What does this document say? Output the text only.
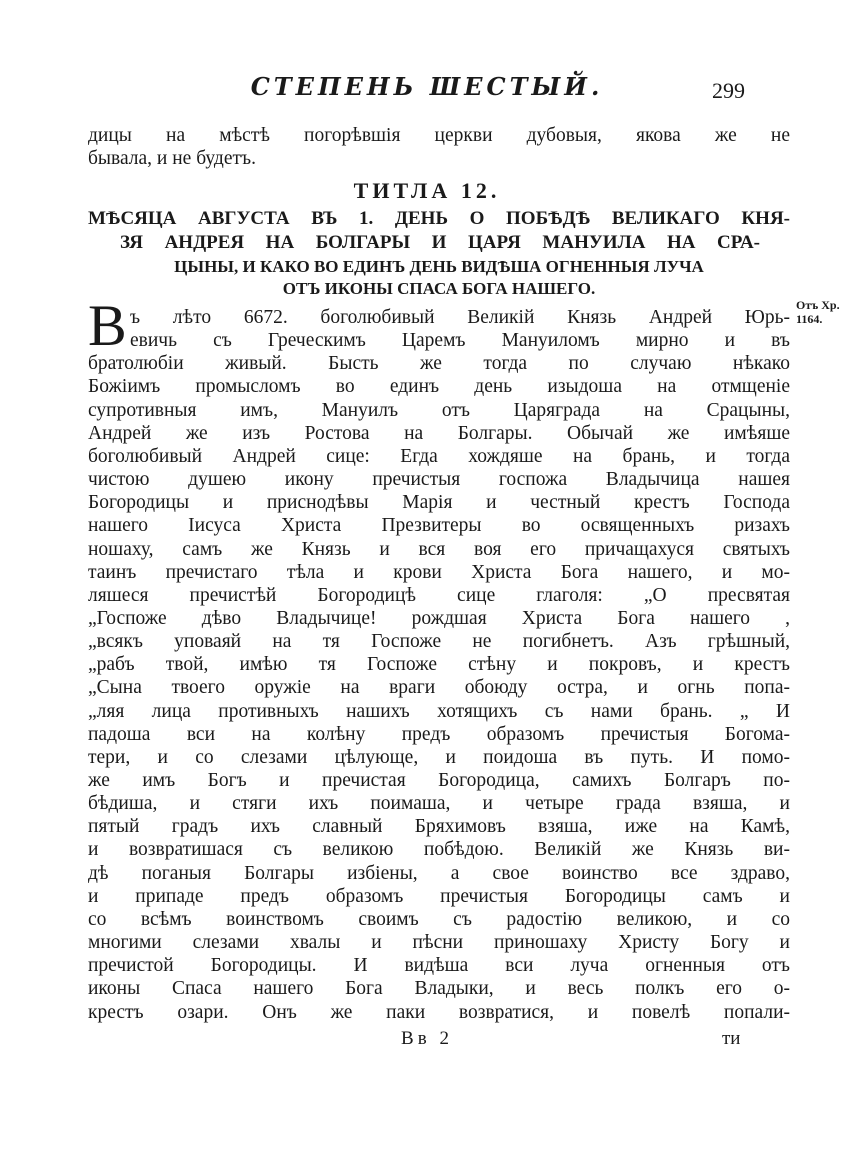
СТЕПЕНЬ ШЕСТЫЙ.	299
дицы на мѣстѣ погорѣвшія церкви дубовыя, якова же не
бывала, и не будетъ.
ТИТЛА 12.
МѢСЯЦА АВГУСТА ВЪ 1. ДЕНЬ О ПОБѢДѢ ВЕЛИКАГО КНЯ-
ЗЯ АНДРЕЯ НА БОЛГАРЫ И ЦАРЯ МАНУИЛА НА СРА-
ЦЫНЫ, И КАКО ВО ЕДИНЪ ДЕНЬ ВИДѢША ОГНЕННЫЯ ЛУЧА
ОТЪ ИКОНЫ СПАСА БОГА НАШЕГО.
Отъ Хр.
1164.
В ъ лѣто 6672. боголюбивый Великій Князь Андрей Юрь-
евичь съ Греческимъ Царемъ Мануиломъ мирно и въ
братолюбіи живый. Бысть же тогда по случаю нѣкако
Божіимъ промысломъ во единъ день изыдоша на отмщеніе
супротивныя имъ, Мануилъ отъ Царяграда на Срацыны,
Андрей же изъ Ростова на Болгары. Обычай же имѣяше
боголюбивый Андрей сице: Егда хождяше на брань, и тогда
чистою душею икону пречистыя госпожа Владычица нашея
Богородицы и приснодѣвы Марія и честный крестъ Господа
нашего Іисуса Христа Презвитеры во освященныхъ ризахъ
ношаху, самъ же Князь и вся воя его причащахуся святыхъ
таинъ пречистаго тѣла и крови Христа Бога нашего, и мо-
ляшеся пречистѣй Богородицѣ сице глаголя: „О пресвятая
„Госпоже дѣво Владычице! рождшая Христа Бога нашего ,
„всякъ уповаяй на тя Госпоже не погибнетъ. Азъ грѣшный,
„рабъ твой, имѣю тя Госпоже стѣну и покровъ, и крестъ
„Сына твоего оружіе на враги обоюду остра, и огнь попа-
„ляя лица противныхъ нашихъ хотящихъ съ нами брань. „ И
падоша вси на колѣну предъ образомъ пречистыя Богома-
тери, и со слезами цѣлующе, и поидоша въ путь. И помо-
же имъ Богъ и пречистая Богородица, самихъ Болгаръ по-
бѣдиша, и стяги ихъ поимаша, и четыре града взяша, и
пятый градъ ихъ славный Бряхимовъ взяша, иже на Камѣ,
и возвратишася съ великою побѣдою. Великій же Князь ви-
дѣ поганыя Болгары избіены, а свое воинство все здраво,
и припаде предъ образомъ пречистыя Богородицы самъ и
со всѣмъ воинствомъ своимъ съ радостію великою, и со
многими слезами хвалы и пѣсни приношаху Христу Богу и
пречистой Богородицы. И видѣша вси луча огненныя отъ
иконы Спаса нашего Бога Владыки, и весь полкъ его о-
крестъ озари. Онъ же паки возвратися, и повелѣ попали-
Вв 2	ти
